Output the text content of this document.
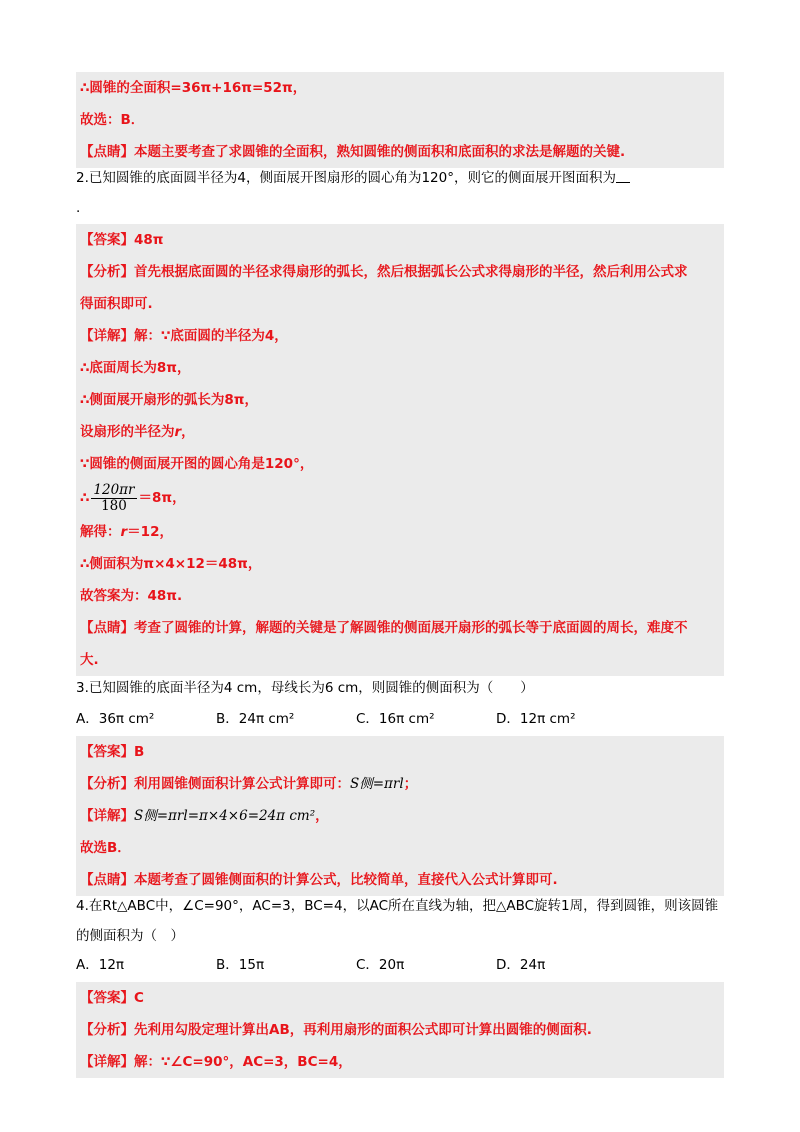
∴圆锥的全面积=36π+16π=52π，
故选：B．
【点睛】本题主要考查了求圆锥的全面积，熟知圆锥的侧面积和底面积的求法是解题的关键.
2.已知圆锥的底面圆半径为4，侧面展开图扇形的圆心角为120°，则它的侧面展开图面积为
.
【答案】48π
【分析】首先根据底面圆的半径求得扇形的弧长，然后根据弧长公式求得扇形的半径，然后利用公式求
得面积即可.
【详解】解：∵底面圆的半径为4，
∴底面周长为8π，
∴侧面展开扇形的弧长为8π，
设扇形的半径为r，
∵圆锥的侧面展开图的圆心角是120°，
∴ $\frac{120\pi r}{180} =8\pi$，
解得：r＝12，
∴侧面积为π×4×12＝48π，
故答案为：48π.
【点睛】考查了圆锥的计算，解题的关键是了解圆锥的侧面展开扇形的弧长等于底面圆的周长，难度不
大.
3.已知圆锥的底面半径为4 cm，母线长为6 cm，则圆锥的侧面积为（　　）
A．36π cm²	B．24π cm²	C．16π cm²	D．12π cm²
【答案】B
【分析】利用圆锥侧面积计算公式计算即可：S侧=πrl；
【详解】S侧=πrl=π×4×6=24π cm²，
故选B．
【点睛】本题考查了圆锥侧面积的计算公式，比较简单，直接代入公式计算即可.
4.在Rt△ABC中，∠C=90°，AC=3，BC=4，以AC所在直线为轴，把△ABC旋转1周，得到圆锥，则该圆锥
的侧面积为（　）
A．12π	B．15π	C．20π	D．24π
【答案】C
【分析】先利用勾股定理计算出AB，再利用扇形的面积公式即可计算出圆锥的侧面积.
【详解】解：∵∠C=90°，AC=3，BC=4，
